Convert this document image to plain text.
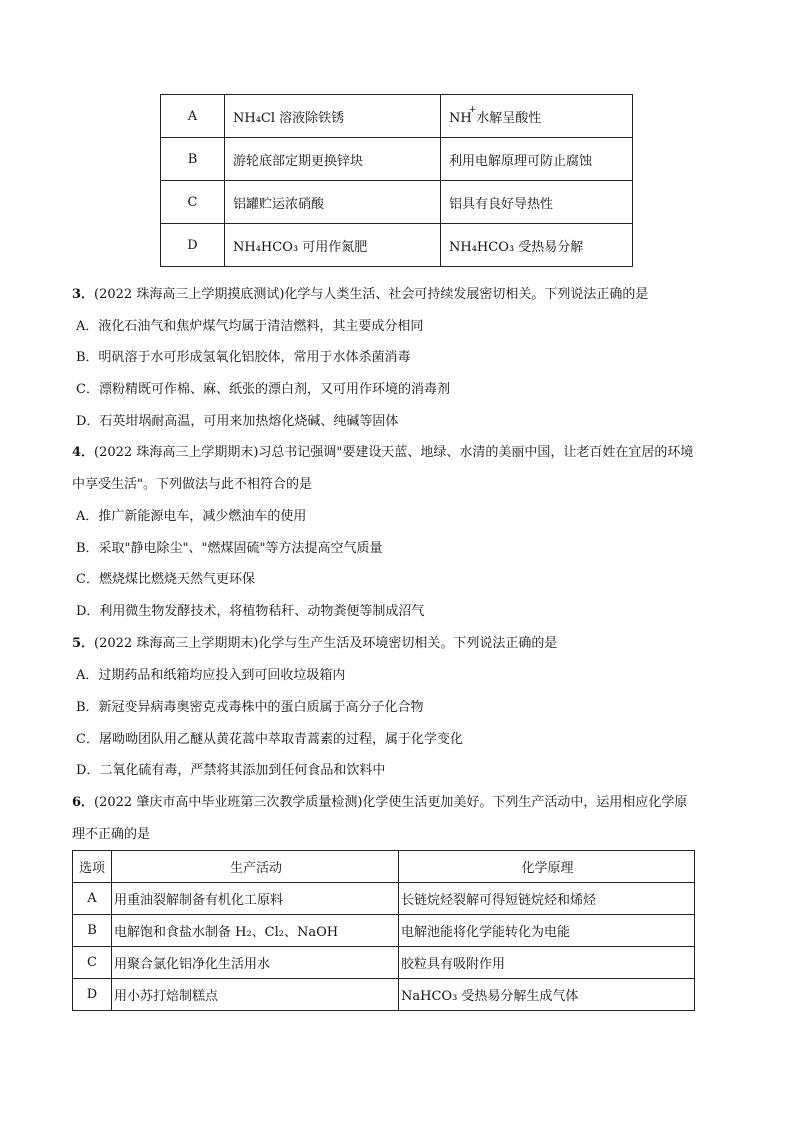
A	NH₄Cl 溶液除铁锈	NH+水解呈酸性
B	游轮底部定期更换锌块	利用电解原理可防止腐蚀
C	铝罐贮运浓硝酸	铝具有良好导热性
D	NH₄HCO₃ 可用作氮肥	NH₄HCO₃ 受热易分解
3．(2022 珠海高三上学期摸底测试)化学与人类生活、社会可持续发展密切相关。下列说法正确的是
A．液化石油气和焦炉煤气均属于清洁燃料，其主要成分相同
B．明矾溶于水可形成氢氧化铝胶体，常用于水体杀菌消毒
C．漂粉精既可作棉、麻、纸张的漂白剂，又可用作环境的消毒剂
D．石英坩埚耐高温，可用来加热熔化烧碱、纯碱等固体
4．(2022 珠海高三上学期期末)习总书记强调"要建设天蓝、地绿、水清的美丽中国，让老百姓在宜居的环境
中享受生活"。下列做法与此不相符合的是
A．推广新能源电车，减少燃油车的使用
B．采取"静电除尘"、"燃煤固硫"等方法提高空气质量
C．燃烧煤比燃烧天然气更环保
D．利用微生物发酵技术，将植物秸秆、动物粪便等制成沼气
5．(2022 珠海高三上学期期末)化学与生产生活及环境密切相关。下列说法正确的是
A．过期药品和纸箱均应投入到可回收垃圾箱内
B．新冠变异病毒奥密克戎毒株中的蛋白质属于高分子化合物
C．屠呦呦团队用乙醚从黄花蒿中萃取青蒿素的过程，属于化学变化
D．二氧化硫有毒，严禁将其添加到任何食品和饮料中
6．(2022 肇庆市高中毕业班第三次教学质量检测)化学使生活更加美好。下列生产活动中，运用相应化学原
理不正确的是
选项	生产活动	化学原理
A	用重油裂解制备有机化工原料	长链烷烃裂解可得短链烷烃和烯烃
B	电解饱和食盐水制备 H₂、Cl₂、NaOH	电解池能将化学能转化为电能
C	用聚合氯化铝净化生活用水	胶粒具有吸附作用
D	用小苏打焙制糕点	NaHCO₃ 受热易分解生成气体
